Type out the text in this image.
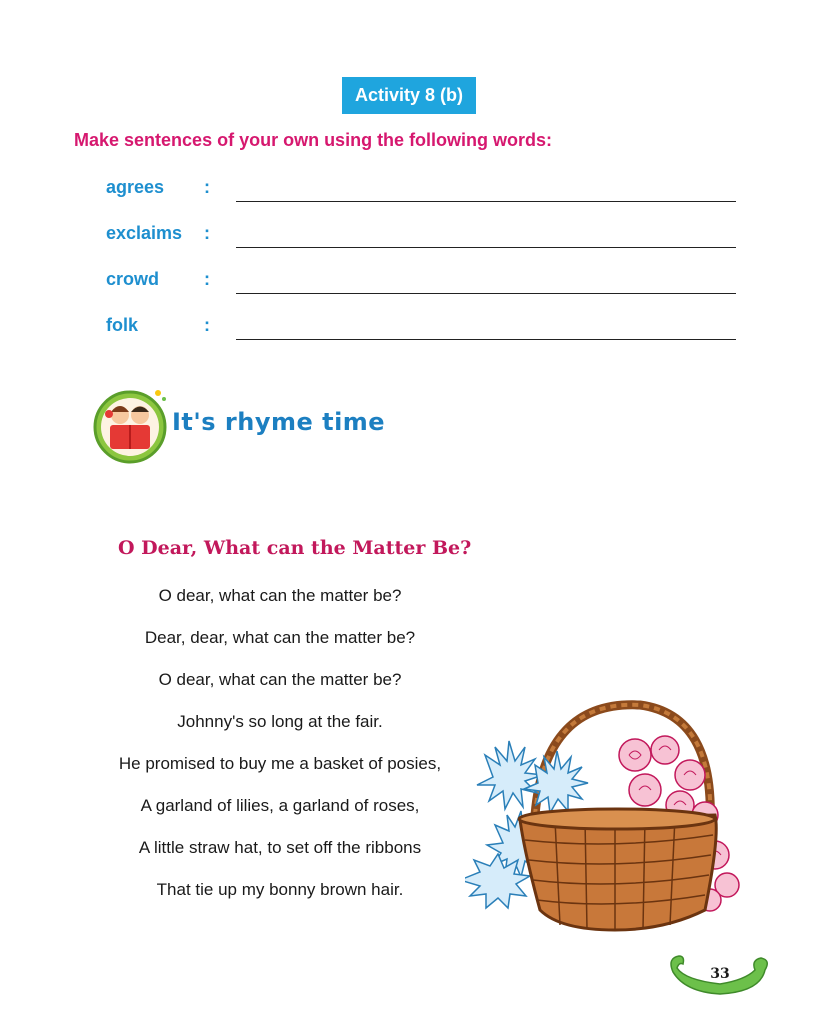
Activity 8 (b)
Make sentences of your own using the following words:
agrees :
exclaims :
crowd :
folk	:
It's rhyme time
O Dear, What can the Matter Be?
O dear, what can the matter be?
Dear, dear, what can the matter be?
O dear, what can the matter be?
Johnny's so long at the fair.
He promised to buy me a basket of posies,
A garland of lilies, a garland of roses,
A little straw hat, to set off the ribbons
That tie up my bonny brown hair.
33
